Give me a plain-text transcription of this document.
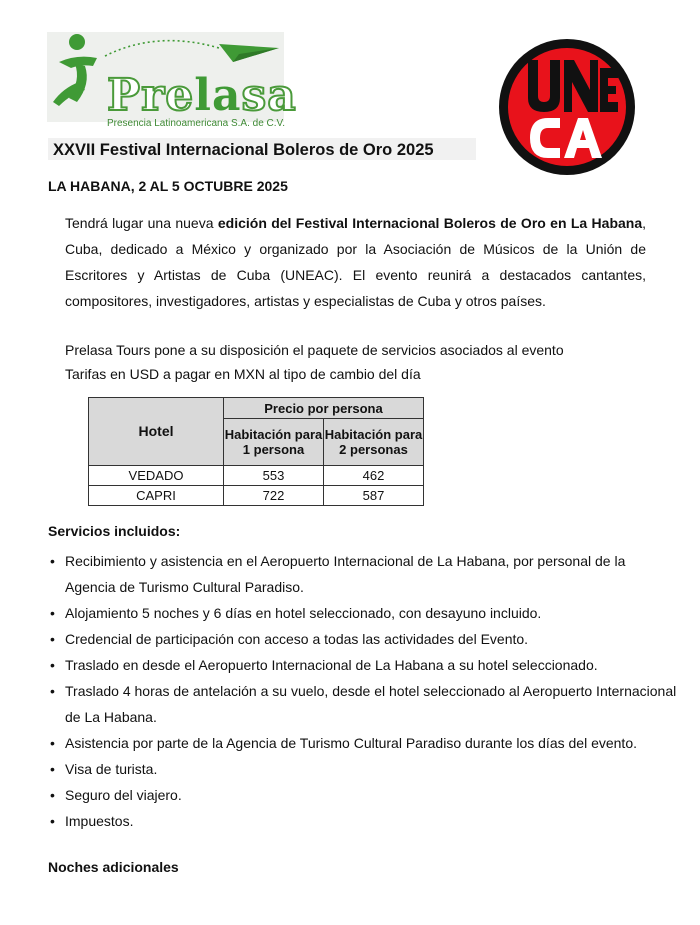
Prelasa
Presencia Latinoamericana S.A. de C.V.
XXVII Festival Internacional Boleros de Oro 2025
LA HABANA, 2 AL 5 OCTUBRE 2025

Tendrá lugar una nueva edición del Festival Internacional Boleros de Oro en La Habana, Cuba, dedicado a México y organizado por la Asociación de Músicos de la Unión de Escritores y Artistas de Cuba (UNEAC). El evento reunirá a destacados cantantes, compositores, investigadores, artistas y especialistas de Cuba y otros países.

Prelasa Tours pone a su disposición el paquete de servicios asociados al evento
Tarifas en USD a pagar en MXN al tipo de cambio del día
Hotel	Precio por persona	
	Habitación para 1 persona	Habitación para 2 personas
VEDADO	553	462
CAPRI	722	587
Servicios incluidos:
• Recibimiento y asistencia en el Aeropuerto Internacional de La Habana, por personal de la Agencia de Turismo Cultural Paradiso.
• Alojamiento 5 noches y 6 días en hotel seleccionado, con desayuno incluido.
• Credencial de participación con acceso a todas las actividades del Evento.
• Traslado en desde el Aeropuerto Internacional de La Habana a su hotel seleccionado.
• Traslado 4 horas de antelación a su vuelo, desde el hotel seleccionado al Aeropuerto Internacional de La Habana.
• Asistencia por parte de la Agencia de Turismo Cultural Paradiso durante los días del evento.
• Visa de turista.
• Seguro del viajero.
• Impuestos.
Noches adicionales
